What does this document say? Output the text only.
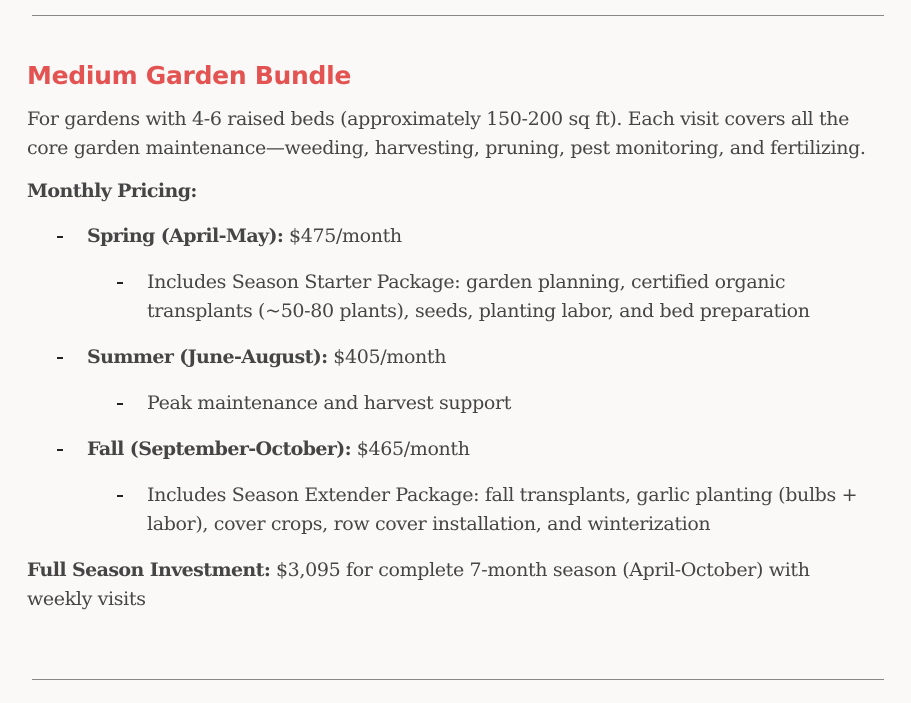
Medium Garden Bundle

For gardens with 4-6 raised beds (approximately 150-200 sq ft). Each visit covers all the core garden maintenance—weeding, harvesting, pruning, pest monitoring, and fertilizing.

Monthly Pricing:

Spring (April-May): $475/month
Includes Season Starter Package: garden planning, certified organic transplants (~50-80 plants), seeds, planting labor, and bed preparation
Summer (June-August): $405/month
Peak maintenance and harvest support
Fall (September-October): $465/month
Includes Season Extender Package: fall transplants, garlic planting (bulbs + labor), cover crops, row cover installation, and winterization

Full Season Investment: $3,095 for complete 7-month season (April-October) with weekly visits
